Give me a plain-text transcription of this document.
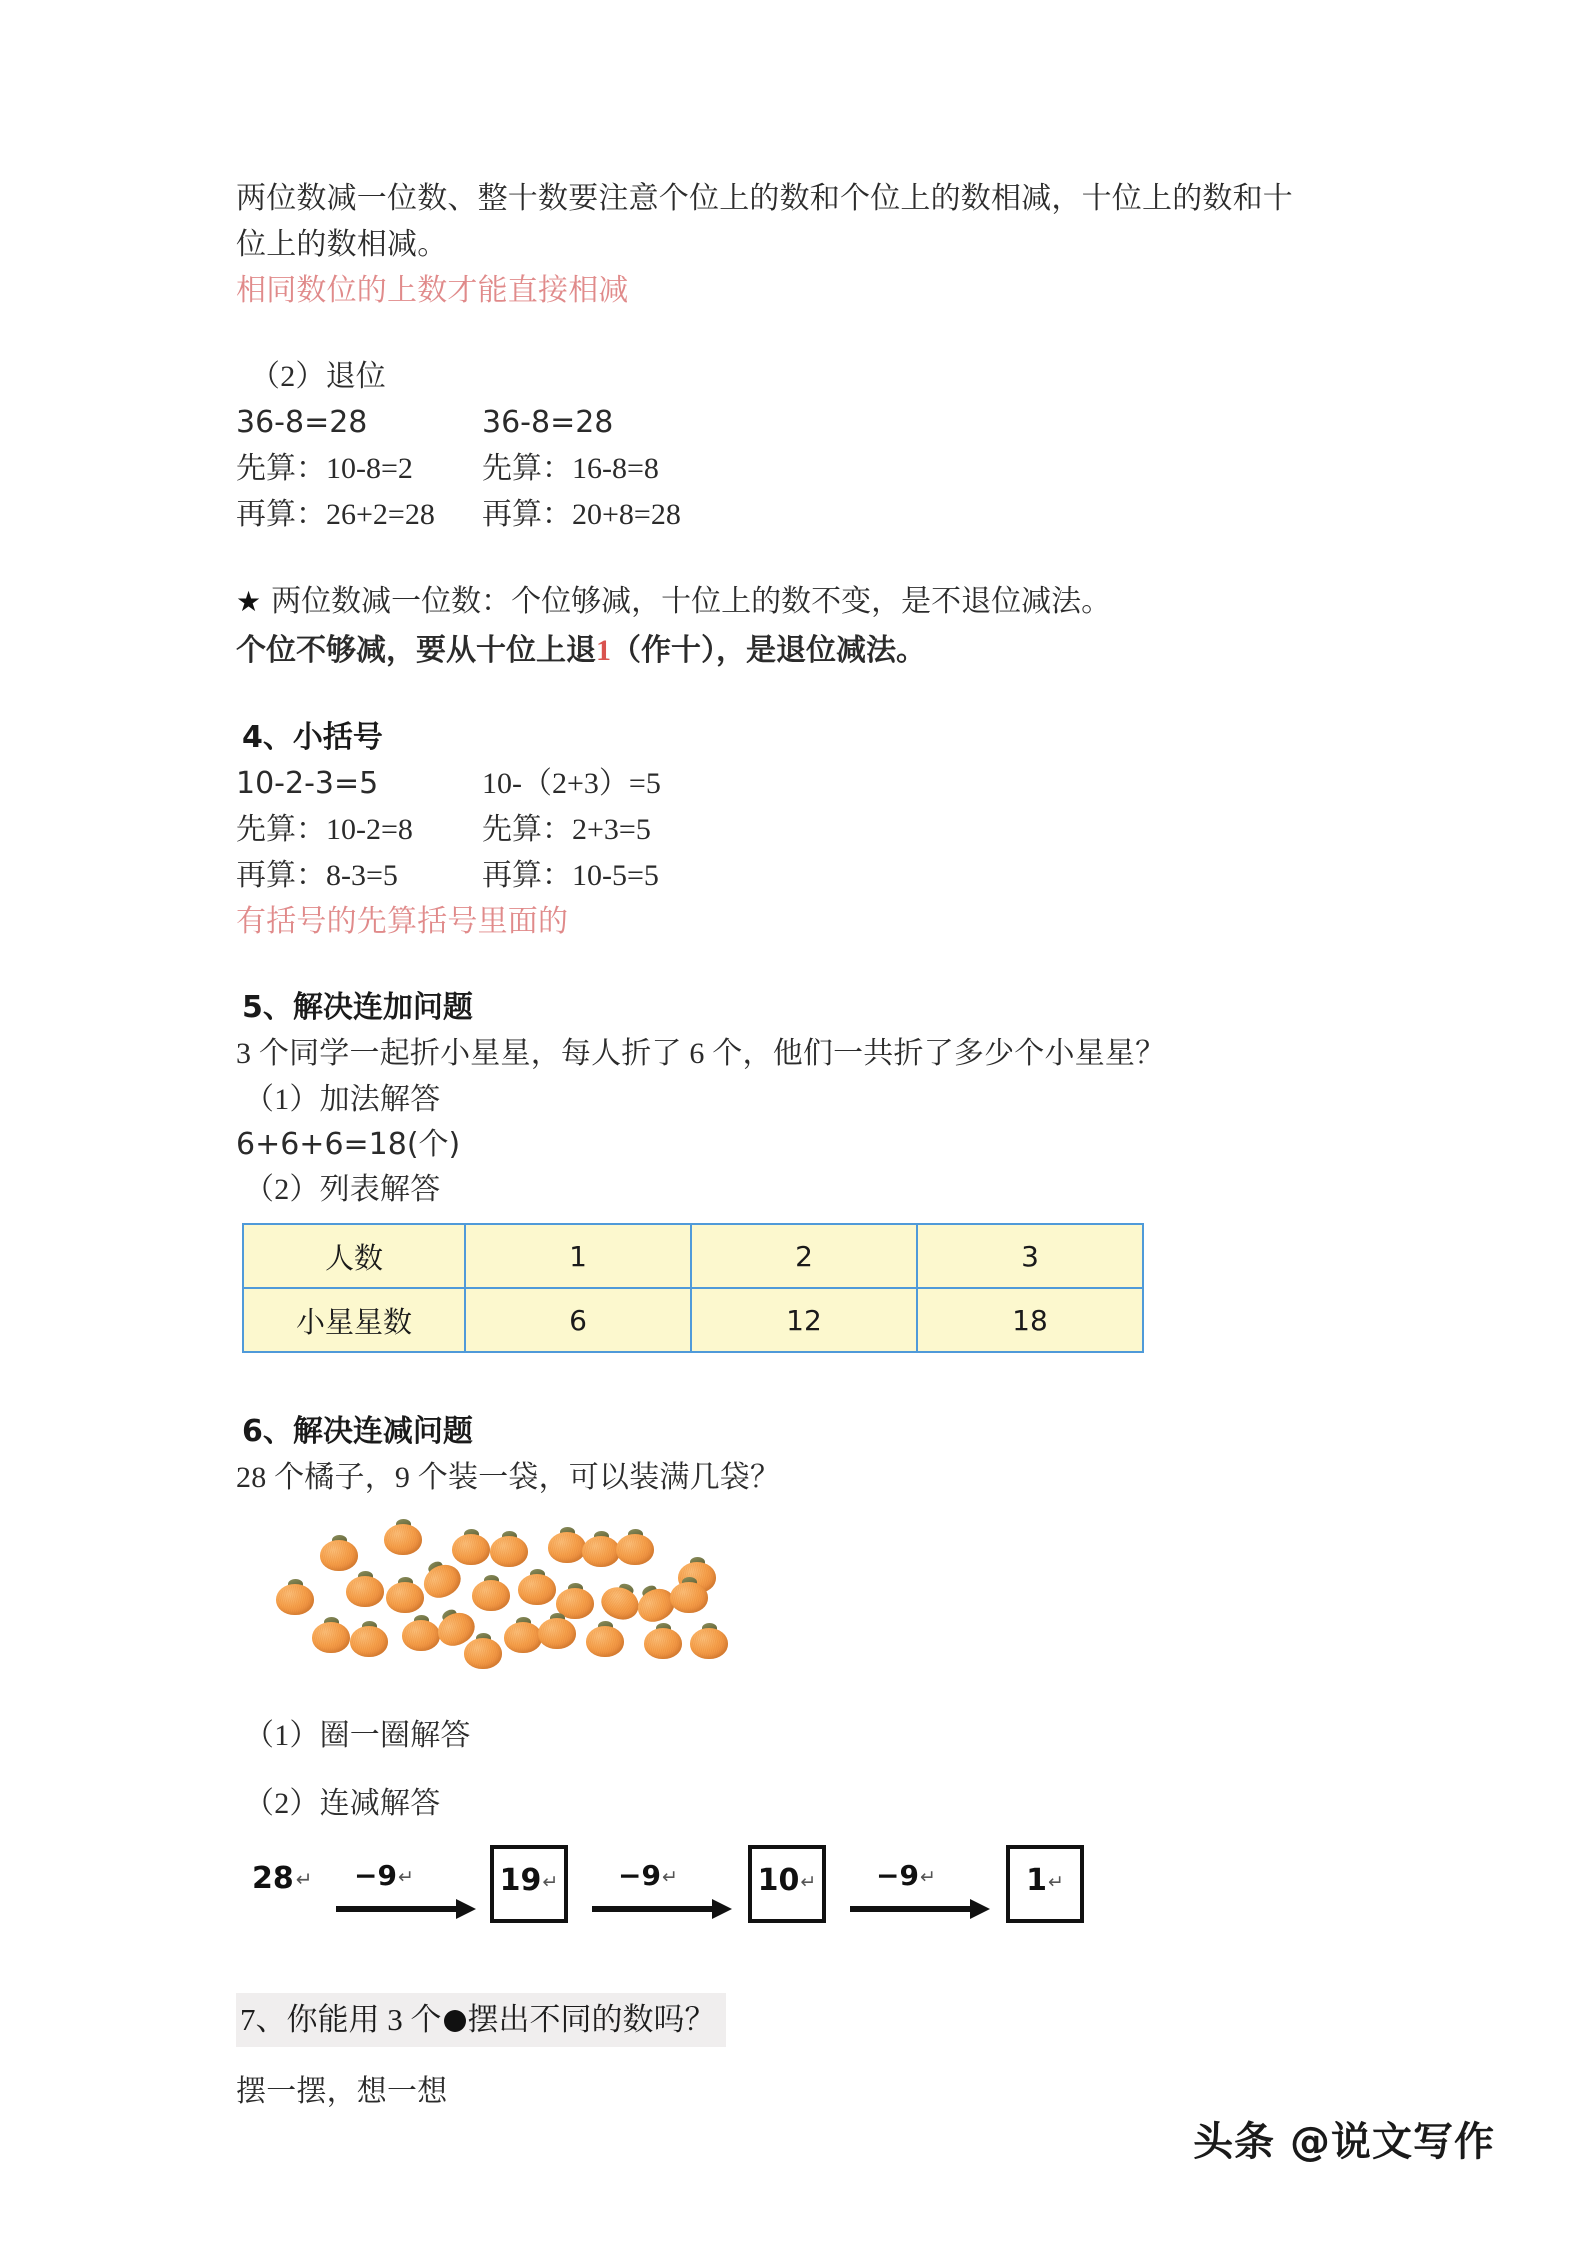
两位数减一位数、整十数要注意个位上的数和个位上的数相减，十位上的数和十
位上的数相减。
相同数位的上数才能直接相减
（2）退位
36-8=28	36-8=28
先算：10-8=2	先算：16-8=8
再算：26+2=28	再算：20+8=28
★ 两位数减一位数：个位够减，十位上的数不变，是不退位减法。
个位不够减，要从十位上退1（作十），是退位减法。
4、小括号
10-2-3=5	10-（2+3）=5
先算：10-2=8	先算：2+3=5
再算：8-3=5	再算：10-5=5
有括号的先算括号里面的
5、解决连加问题
3 个同学一起折小星星，每人折了 6 个，他们一共折了多少个小星星？
（1）加法解答
6+6+6=18(个)
（2）列表解答
人数	1	2	3
小星星数	6	12	18
6、解决连减问题
28 个橘子，9 个装一袋，可以装满几袋？
（1）圈一圈解答
（2）连减解答
28 ↵ −9↵	19↵ −9↵	10↵ −9↵	1↵
7、你能用 3 个 摆出不同的数吗？
摆一摆，想一想
头条 @说文写作
